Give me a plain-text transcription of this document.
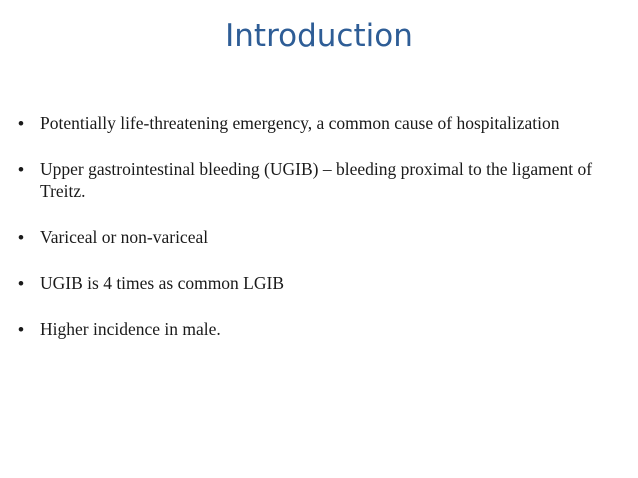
Introduction
• Potentially life-threatening emergency, a common cause of hospitalization
• Upper gastrointestinal bleeding (UGIB) – bleeding proximal to the ligament of Treitz.
• Variceal or non-variceal
• UGIB is 4 times as common LGIB
• Higher incidence in male.
